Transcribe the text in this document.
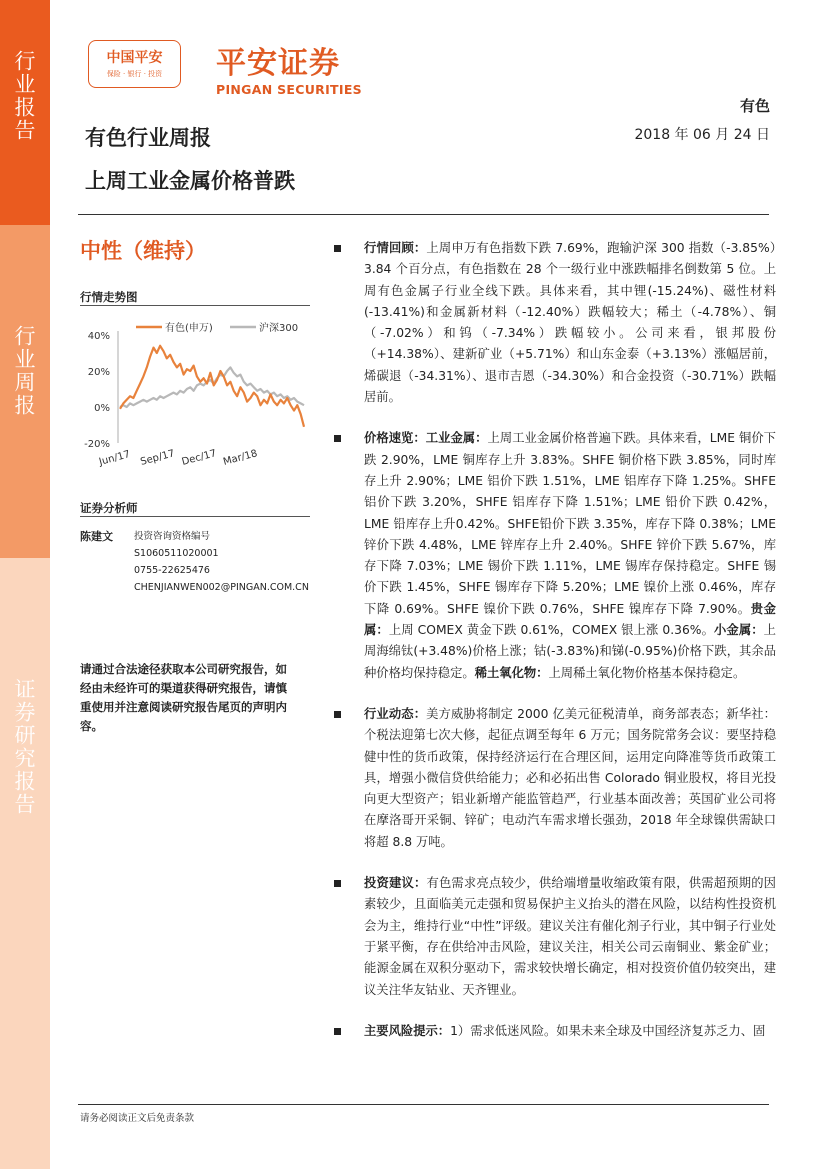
行业报告
行业周报
证券研究报告
中国平安
保险 · 银行 · 投资	平安证券
PINGAN SECURITIES
有色
有色行业周报	2018 年 06 月 24 日
上周工业金属价格普跌
中性（维持）
行情走势图
40%
20%
0%
-20%
Jun/17 Sep/17 Dec/17 Mar/18
有色(申万)	沪深300
证券分析师
陈建文 投资咨询资格编号
S1060511020001
0755-22625476
CHENJIANWEN002@PINGAN.COM.CN
请通过合法途径获取本公司研究报告，如经由未经许可的渠道获得研究报告，请慎重使用并注意阅读研究报告尾页的声明内容。
行情回顾：上周申万有色指数下跌 7.69%，跑输沪深 300 指数（-3.85%）3.84 个百分点，有色指数在 28 个一级行业中涨跌幅排名倒数第 5 位。上周有色金属子行业全线下跌。具体来看，其中锂(-15.24%)、磁性材料(-13.41%)和金属新材料（-12.40%）跌幅较大；稀土（-4.78%）、铜（-7.02%）和钨（-7.34%）跌幅较小。公司来看，银邦股份（+14.38%）、建新矿业（+5.71%）和山东金泰（+3.13%）涨幅居前，烯碳退（-34.31%）、退市吉恩（-34.30%）和合金投资（-30.71%）跌幅居前。
价格速览：工业金属：上周工业金属价格普遍下跌。具体来看，LME 铜价下跌 2.90%，LME 铜库存上升 3.83%。SHFE 铜价格下跌 3.85%，同时库存上升 2.90%；LME 铝价下跌 1.51%，LME 铝库存下降 1.25%。SHFE 铝价下跌 3.20%，SHFE 铝库存下降 1.51%；LME 铅价下跌 0.42%，LME 铅库存上升0.42%。SHFE铅价下跌 3.35%，库存下降 0.38%；LME锌价下跌 4.48%，LME 锌库存上升 2.40%。SHFE 锌价下跌 5.67%，库存下降 7.03%；LME 锡价下跌 1.11%，LME 锡库存保持稳定。SHFE 锡价下跌 1.45%，SHFE 锡库存下降 5.20%；LME 镍价上涨 0.46%，库存下降 0.69%。SHFE 镍价下跌 0.76%，SHFE 镍库存下降 7.90%。贵金属：上周 COMEX 黄金下跌 0.61%，COMEX 银上涨 0.36%。小金属：上周海绵钛(+3.48%)价格上涨；钴(-3.83%)和锑(-0.95%)价格下跌，其余品种价格均保持稳定。稀土氧化物：上周稀土氧化物价格基本保持稳定。
行业动态：美方威胁将制定 2000 亿美元征税清单，商务部表态；新华社：个税法迎第七次大修，起征点调至每年 6 万元；国务院常务会议：要坚持稳健中性的货币政策，保持经济运行在合理区间，运用定向降准等货币政策工具，增强小微信贷供给能力；必和必拓出售 Colorado 铜业股权，将目光投向更大型资产；铝业新增产能监管趋严，行业基本面改善；英国矿业公司将在摩洛哥开采铜、锌矿；电动汽车需求增长强劲，2018 年全球镍供需缺口将超 8.8 万吨。
投资建议：有色需求亮点较少，供给端增量收缩政策有限，供需超预期的因素较少，且面临美元走强和贸易保护主义抬头的潜在风险，以结构性投资机会为主，维持行业“中性”评级。建议关注有催化剂子行业，其中铜子行业处于紧平衡，存在供给冲击风险，建议关注，相关公司云南铜业、紫金矿业；能源金属在双积分驱动下，需求较快增长确定，相对投资价值仍较突出，建议关注华友钴业、天齐锂业。
主要风险提示：1）需求低迷风险。如果未来全球及中国经济复苏乏力、固
请务必阅读正文后免责条款
